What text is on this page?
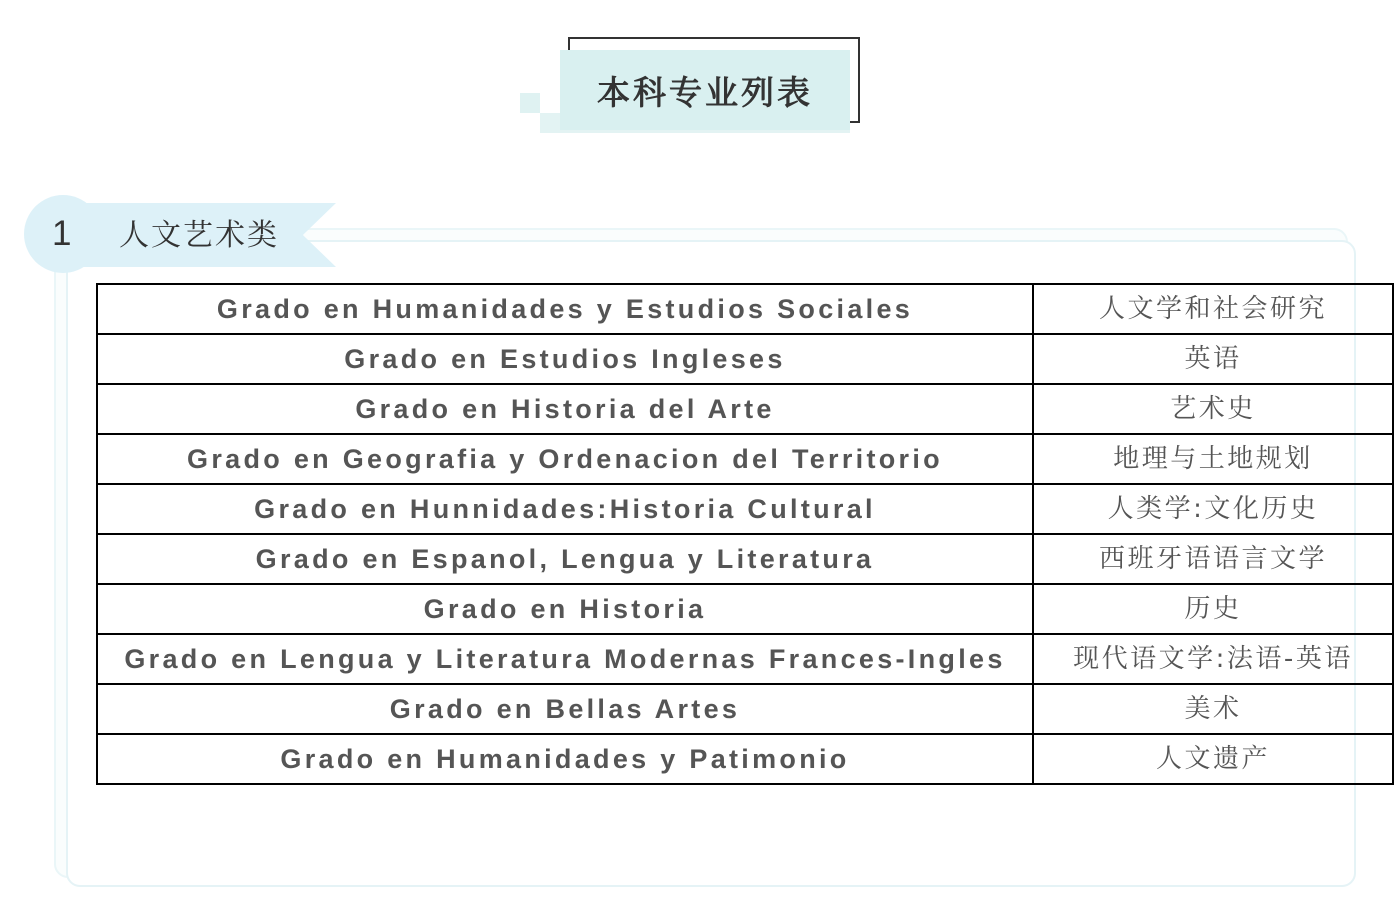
本科专业列表
1	人文艺术类
Grado en Humanidades y Estudios Sociales	人文学和社会研究
Grado en Estudios Ingleses	英语
Grado en Historia del Arte	艺术史
Grado en Geografia y Ordenacion del Territorio	地理与土地规划
Grado en Hunnidades:Historia Cultural	人类学:文化历史
Grado en Espanol, Lengua y Literatura	西班牙语语言文学
Grado en Historia	历史
Grado en Lengua y Literatura Modernas Frances-Ingles	现代语文学:法语-英语
Grado en Bellas Artes	美术
Grado en Humanidades y Patimonio	人文遗产
